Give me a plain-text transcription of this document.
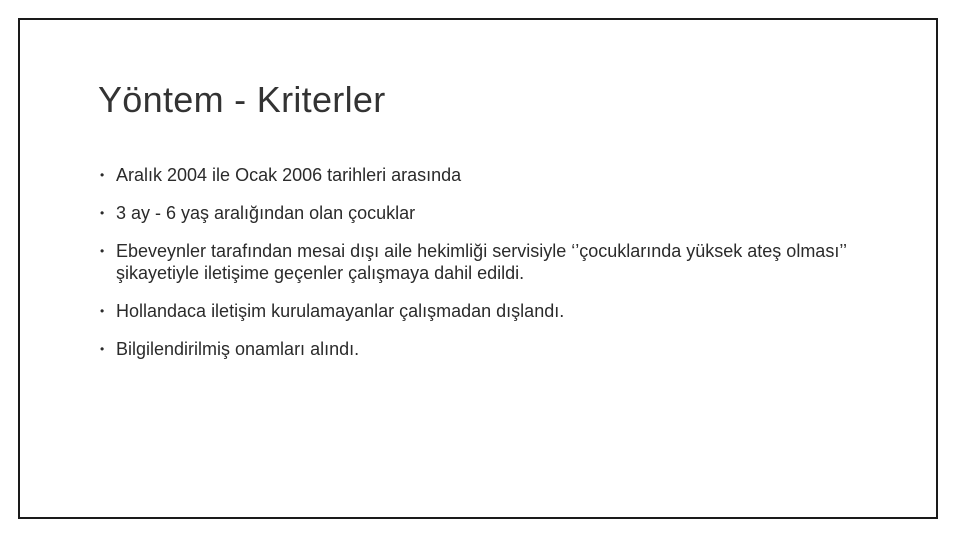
Yöntem - Kriterler
• Aralık 2004 ile Ocak 2006 tarihleri arasında
• 3 ay - 6 yaş aralığından olan çocuklar
• Ebeveynler tarafından mesai dışı aile hekimliği servisiyle ‘’çocuklarında yüksek ateş olması’’ şikayetiyle iletişime geçenler çalışmaya dahil edildi.
• Hollandaca iletişim kurulamayanlar çalışmadan dışlandı.
• Bilgilendirilmiş onamları alındı.
